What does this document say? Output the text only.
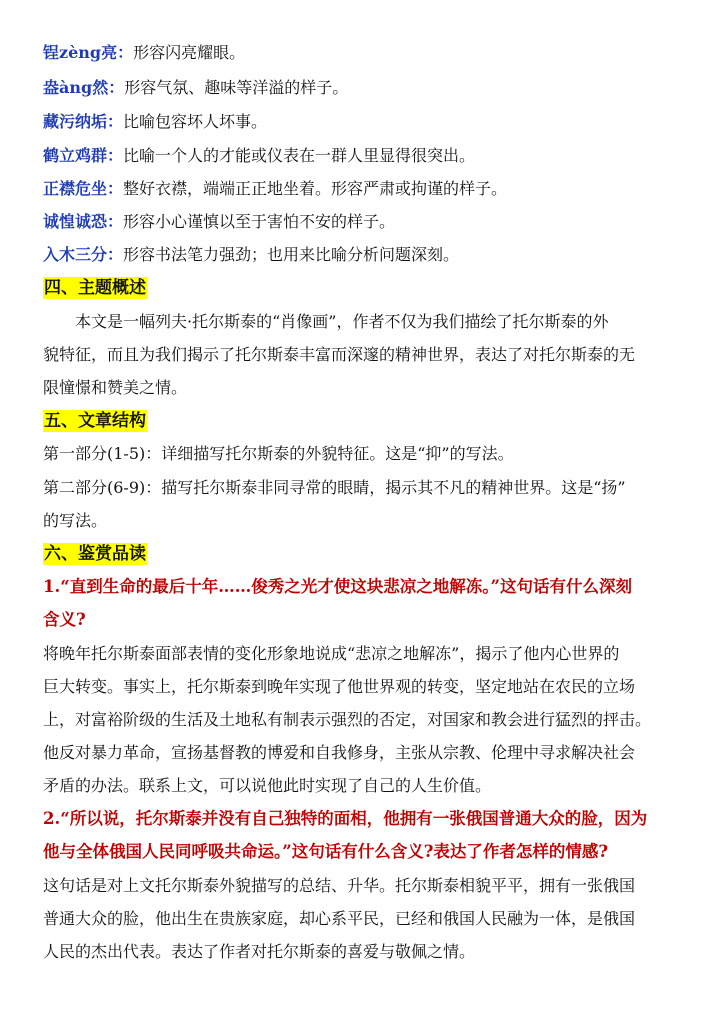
锃zèng亮：形容闪亮耀眼。
盎àng然：形容气氛、趣味等洋溢的样子。
藏污纳垢：比喻包容坏人坏事。
鹤立鸡群：比喻一个人的才能或仪表在一群人里显得很突出。
正襟危坐：整好衣襟，端端正正地坐着。形容严肃或拘谨的样子。
诚惶诚恐：形容小心谨慎以至于害怕不安的样子。
入木三分：形容书法笔力强劲；也用来比喻分析问题深刻。
四、主题概述
本文是一幅列夫·托尔斯泰的“肖像画”，作者不仅为我们描绘了托尔斯泰的外
貌特征，而且为我们揭示了托尔斯泰丰富而深邃的精神世界，表达了对托尔斯泰的无
限憧憬和赞美之情。
五、文章结构
第一部分(1-5)：详细描写托尔斯泰的外貌特征。这是“抑”的写法。
第二部分(6-9)：描写托尔斯泰非同寻常的眼睛，揭示其不凡的精神世界。这是“扬”
的写法。
六、鉴赏品读
1.“直到生命的最后十年……俊秀之光才使这块悲凉之地解冻。”这句话有什么深刻
含义?
将晚年托尔斯泰面部表情的变化形象地说成“悲凉之地解冻”，揭示了他内心世界的
巨大转变。事实上，托尔斯泰到晚年实现了他世界观的转变，坚定地站在农民的立场
上，对富裕阶级的生活及土地私有制表示强烈的否定，对国家和教会进行猛烈的抨击。
他反对暴力革命，宣扬基督教的博爱和自我修身，主张从宗教、伦理中寻求解决社会
矛盾的办法。联系上文，可以说他此时实现了自己的人生价值。
2.“所以说，托尔斯泰并没有自己独特的面相，他拥有一张俄国普通大众的脸，因为
他与全体俄国人民同呼吸共命运。”这句话有什么含义?表达了作者怎样的情感?
这句话是对上文托尔斯泰外貌描写的总结、升华。托尔斯泰相貌平平，拥有一张俄国
普通大众的脸，他出生在贵族家庭，却心系平民，已经和俄国人民融为一体，是俄国
人民的杰出代表。表达了作者对托尔斯泰的喜爱与敬佩之情。
